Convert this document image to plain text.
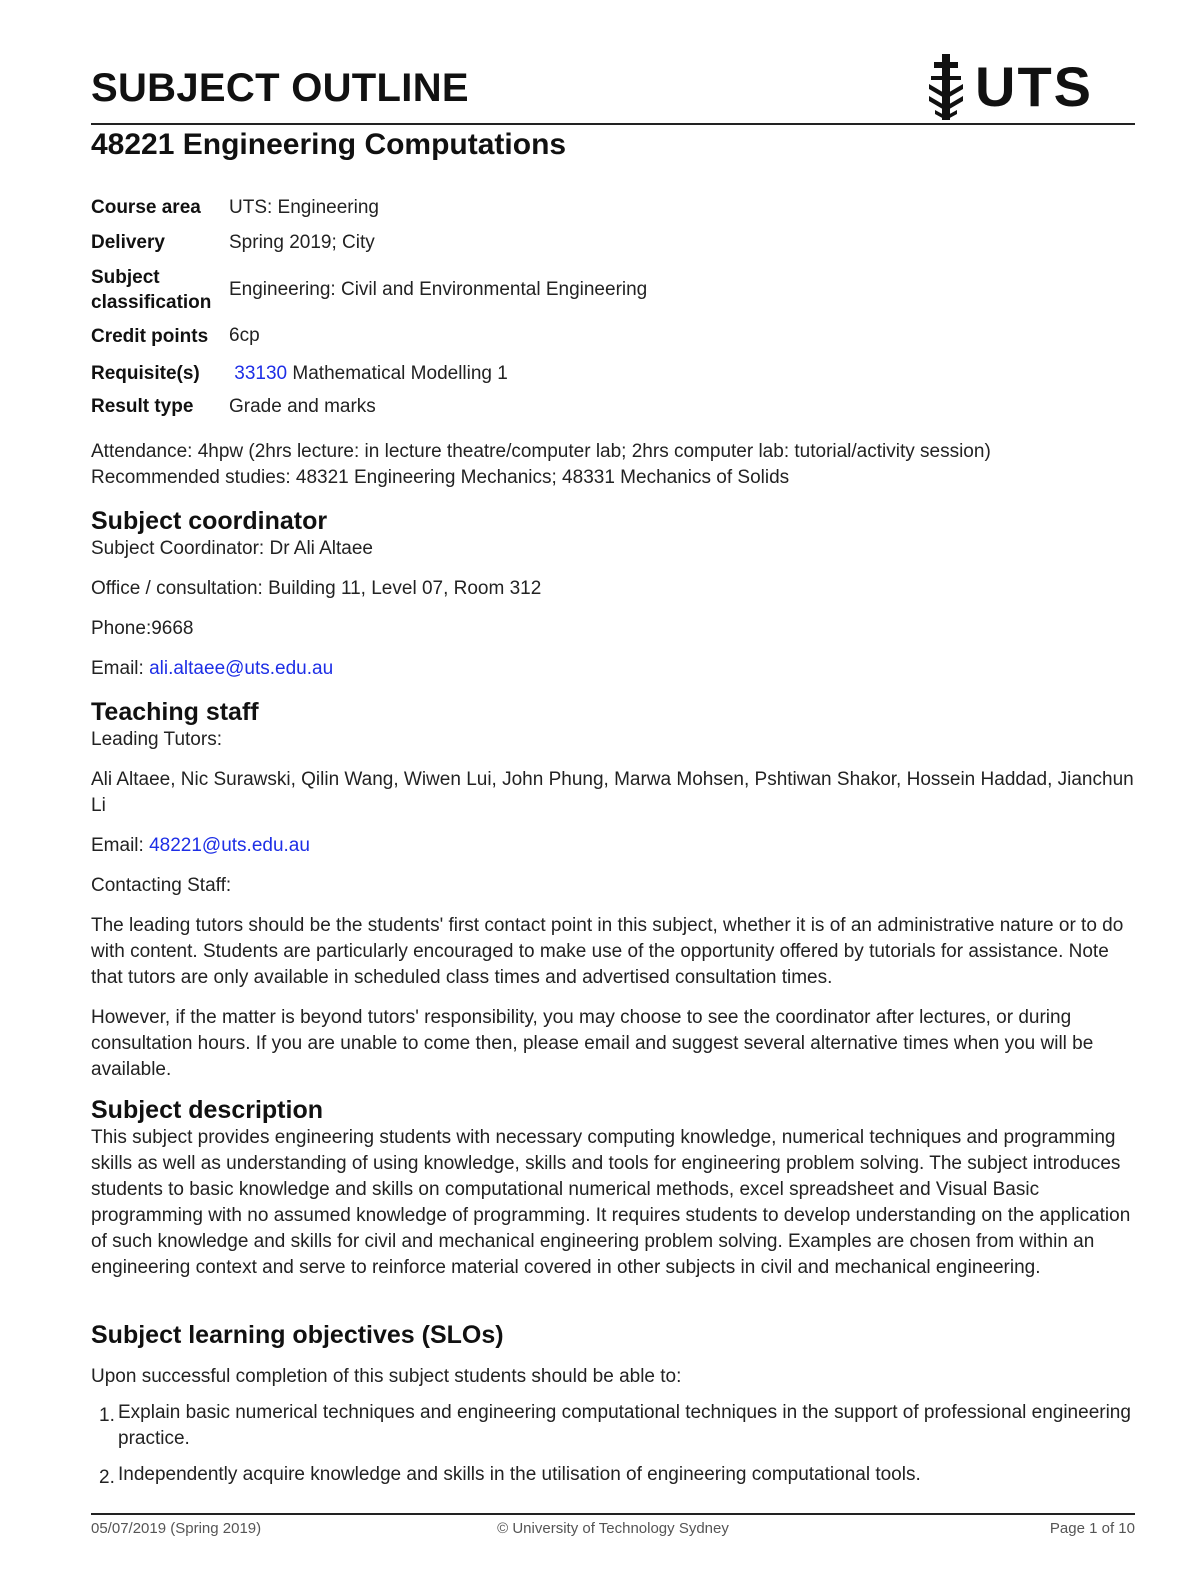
SUBJECT OUTLINE	UTS
48221 Engineering Computations
Course area	UTS: Engineering
Delivery	Spring 2019; City
Subject
classification	Engineering: Civil and Environmental Engineering
Credit points	6cp
Requisite(s)	33130 Mathematical Modelling 1
Result type	Grade and marks

Attendance: 4hpw (2hrs lecture: in lecture theatre/computer lab; 2hrs computer lab: tutorial/activity session)

Recommended studies: 48321 Engineering Mechanics; 48331 Mechanics of Solids

Subject coordinator

Subject Coordinator: Dr Ali Altaee

Office / consultation: Building 11, Level 07, Room 312

Phone:9668

Email: ali.altaee@uts.edu.au

Teaching staff

Leading Tutors:

Ali Altaee, Nic Surawski, Qilin Wang, Wiwen Lui, John Phung, Marwa Mohsen, Pshtiwan Shakor, Hossein Haddad, Jianchun Li

Email: 48221@uts.edu.au

Contacting Staff:

The leading tutors should be the students' first contact point in this subject, whether it is of an administrative nature or to do with content. Students are particularly encouraged to make use of the opportunity offered by tutorials for assistance. Note that tutors are only available in scheduled class times and advertised consultation times.

However, if the matter is beyond tutors' responsibility, you may choose to see the coordinator after lectures, or during consultation hours. If you are unable to come then, please email and suggest several alternative times when you will be available.

Subject description

This subject provides engineering students with necessary computing knowledge, numerical techniques and programming skills as well as understanding of using knowledge, skills and tools for engineering problem solving. The subject introduces students to basic knowledge and skills on computational numerical methods, excel spreadsheet and Visual Basic programming with no assumed knowledge of programming. It requires students to develop understanding on the application of such knowledge and skills for civil and mechanical engineering problem solving. Examples are chosen from within an engineering context and serve to reinforce material covered in other subjects in civil and mechanical engineering.

Subject learning objectives (SLOs)

Upon successful completion of this subject students should be able to:

1. Explain basic numerical techniques and engineering computational techniques in the support of professional engineering practice.
2. Independently acquire knowledge and skills in the utilisation of engineering computational tools.
05/07/2019 (Spring 2019)	© University of Technology Sydney	Page 1 of 10
